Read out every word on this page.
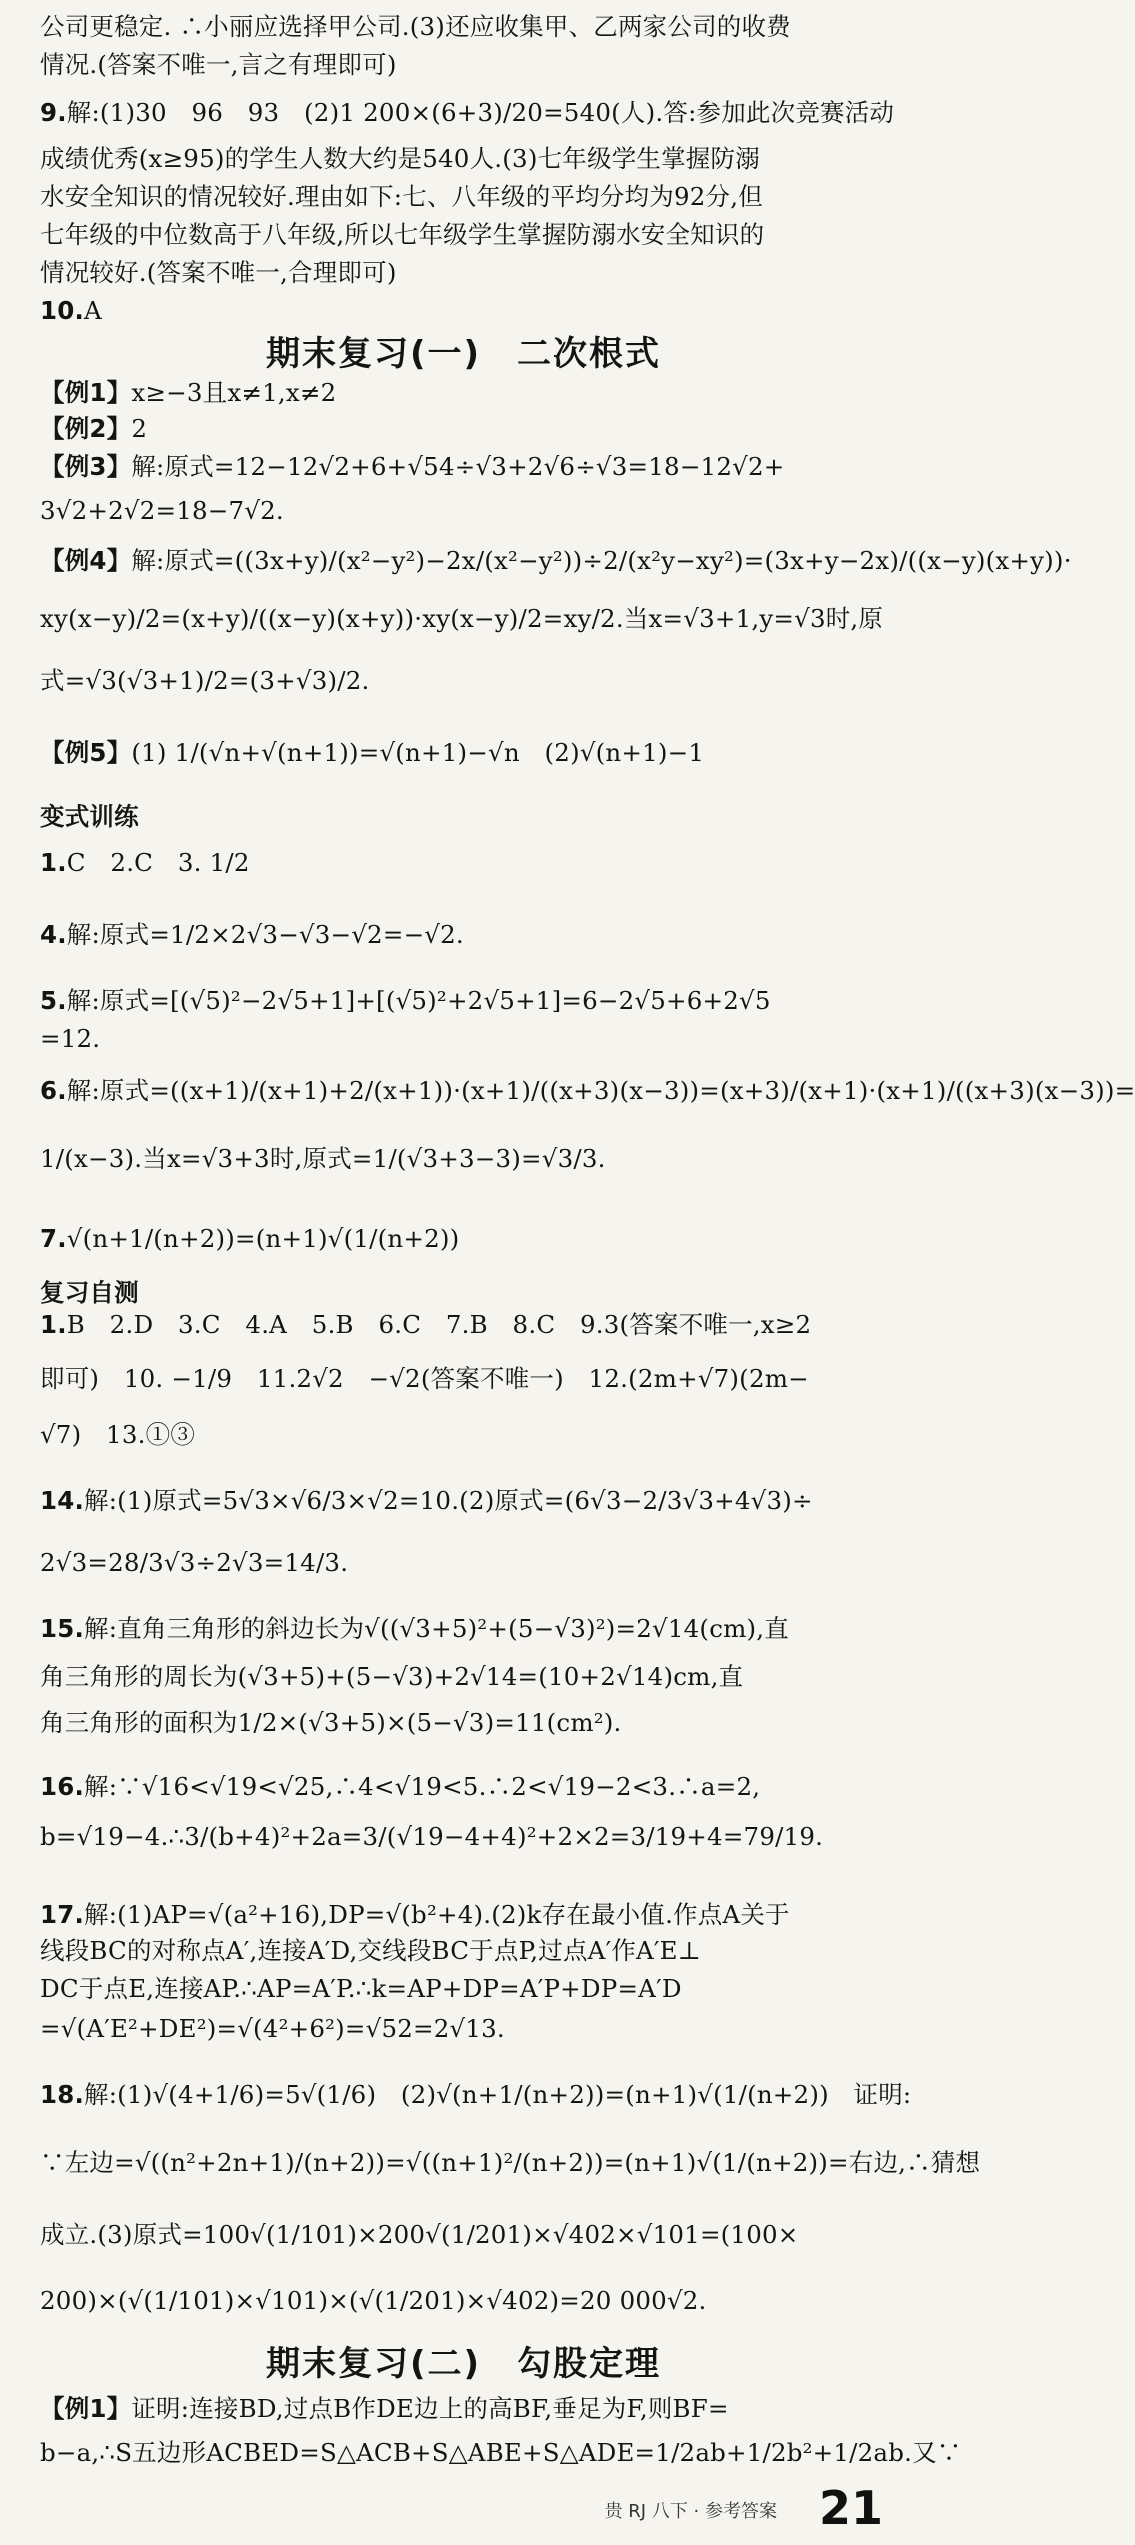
公司更稳定. ∴小丽应选择甲公司.(3)还应收集甲、乙两家公司的收费
情况.(答案不唯一,言之有理即可)
9.解:(1)30　96　93　(2)1 200×(6+3)/20=540(人).答:参加此次竞赛活动
成绩优秀(x≥95)的学生人数大约是540人.(3)七年级学生掌握防溺
水安全知识的情况较好.理由如下:七、八年级的平均分均为92分,但
七年级的中位数高于八年级,所以七年级学生掌握防溺水安全知识的
情况较好.(答案不唯一,合理即可)
10.A
【例1】x≥−3且x≠1,x≠2
【例2】2
【例3】解:原式=12−12√2+6+√54÷√3+2√6÷√3=18−12√2+
3√2+2√2=18−7√2.
【例4】解:原式=((3x+y)/(x²−y²)−2x/(x²−y²))÷2/(x²y−xy²)=(3x+y−2x)/((x−y)(x+y))·
xy(x−y)/2=(x+y)/((x−y)(x+y))·xy(x−y)/2=xy/2.当x=√3+1,y=√3时,原
式=√3(√3+1)/2=(3+√3)/2.
【例5】(1) 1/(√n+√(n+1))=√(n+1)−√n　(2)√(n+1)−1
变式训练
1.C　2.C　3. 1/2
4.解:原式=1/2×2√3−√3−√2=−√2.
5.解:原式=[(√5)²−2√5+1]+[(√5)²+2√5+1]=6−2√5+6+2√5
=12.
6.解:原式=((x+1)/(x+1)+2/(x+1))·(x+1)/((x+3)(x−3))=(x+3)/(x+1)·(x+1)/((x+3)(x−3))=
1/(x−3).当x=√3+3时,原式=1/(√3+3−3)=√3/3.
7.√(n+1/(n+2))=(n+1)√(1/(n+2))
复习自测
1.B　2.D　3.C　4.A　5.B　6.C　7.B　8.C　9.3(答案不唯一,x≥2
即可)　10. −1/9　11.2√2　−√2(答案不唯一)　12.(2m+√7)(2m−
√7)　13.①③
14.解:(1)原式=5√3×√6/3×√2=10.(2)原式=(6√3−2/3√3+4√3)÷
2√3=28/3√3÷2√3=14/3.
15.解:直角三角形的斜边长为√((√3+5)²+(5−√3)²)=2√14(cm),直
角三角形的周长为(√3+5)+(5−√3)+2√14=(10+2√14)cm,直
角三角形的面积为1/2×(√3+5)×(5−√3)=11(cm²).
16.解:∵√16<√19<√25,∴4<√19<5.∴2<√19−2<3.∴a=2,
b=√19−4.∴3/(b+4)²+2a=3/(√19−4+4)²+2×2=3/19+4=79/19.
17.解:(1)AP=√(a²+16),DP=√(b²+4).(2)k存在最小值.作点A关于
线段BC的对称点A′,连接A′D,交线段BC于点P,过点A′作A′E⊥
DC于点E,连接AP.∴AP=A′P.∴k=AP+DP=A′P+DP=A′D
=√(A′E²+DE²)=√(4²+6²)=√52=2√13.
18.解:(1)√(4+1/6)=5√(1/6)　(2)√(n+1/(n+2))=(n+1)√(1/(n+2))　证明:
∵左边=√((n²+2n+1)/(n+2))=√((n+1)²/(n+2))=(n+1)√(1/(n+2))=右边,∴猜想
成立.(3)原式=100√(1/101)×200√(1/201)×√402×√101=(100×
200)×(√(1/101)×√101)×(√(1/201)×√402)=20 000√2.
【例1】证明:连接BD,过点B作DE边上的高BF,垂足为F,则BF=
b−a,∴S五边形ACBED=S△ACB+S△ABE+S△ADE=1/2ab+1/2b²+1/2ab.又∵
期末复习(一)　二次根式
期末复习(二)　勾股定理
贵 RJ 八下 · 参考答案 21
